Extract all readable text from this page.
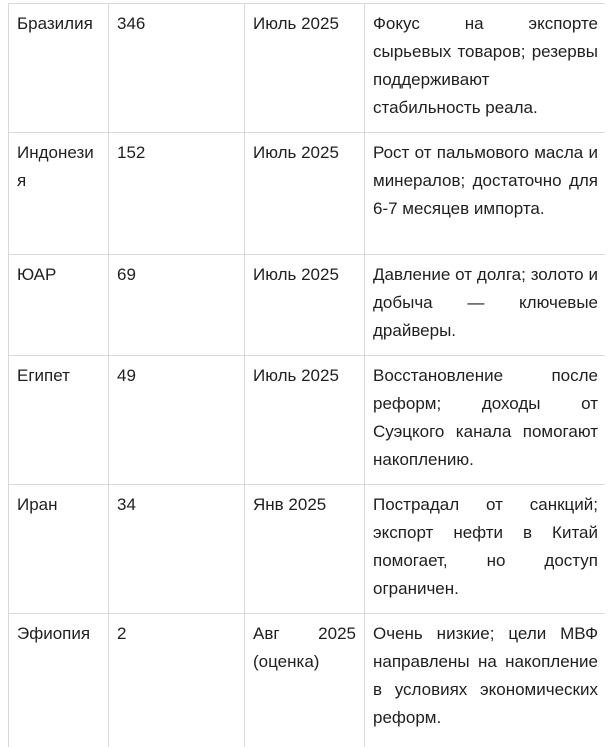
Бразилия	346	Июль 2025	Фокус на экспорте сырьевых товаров; резервы поддерживают стабильность реала.
Индонезия	152	Июль 2025	Рост от пальмового масла и минералов; достаточно для 6-7 месяцев импорта.
ЮАР	69	Июль 2025	Давление от долга; золото и добыча — ключевые драйверы.
Египет	49	Июль 2025	Восстановление после реформ; доходы от Суэцкого канала помогают накоплению.
Иран	34	Янв 2025	Пострадал от санкций; экспорт нефти в Китай помогает, но доступ ограничен.
Эфиопия	2	Авг 2025 (оценка)	Очень низкие; цели МВФ направлены на накопление в условиях экономических реформ.
